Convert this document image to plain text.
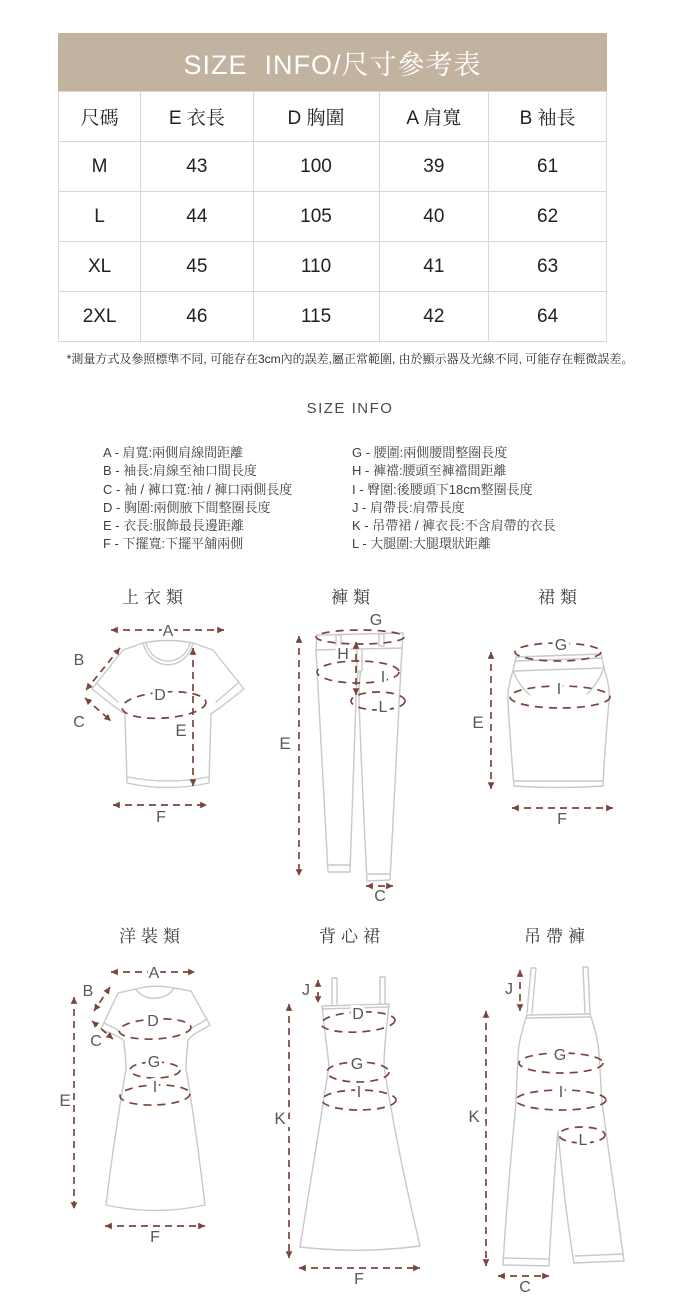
SIZE  INFO/尺寸參考表
尺碼	E 衣長	D 胸圍	A 肩寬	B 袖長
M	43	100	39	61
L	44	105	40	62
XL	45	110	41	63
2XL	46	115	42	64
*測量方式及參照標準不同, 可能存在3cm內的誤差,屬正常範圍, 由於顯示器及光線不同, 可能存在輕微誤差。
SIZE INFO
A - 肩寬:兩側肩線間距離
B - 袖長:肩線至袖口間長度
C - 袖 / 褲口寬:袖 / 褲口兩側長度
D - 胸圍:兩側腋下間整圈長度
E - 衣長:服飾最長邊距離
F - 下擺寬:下擺平舖兩側
G - 腰圍:兩側腰間整圈長度
H - 褲襠:腰頭至褲襠間距離
I - 臀圍:後腰頭下18cm整圈長度
J - 肩帶長:肩帶長度
K - 吊帶裙 / 褲衣長:不含肩帶的衣長
L - 大腿圍:大腿環狀距離
上衣類	褲類	裙類
洋裝類	背心裙	吊帶褲
A
B
C
D
E
F
G
H
I
L
E
C
G
I
E
F
A
B
C
D
G
I
E
F
J
D
G
I
K
F
J
G
I
L
K
C
